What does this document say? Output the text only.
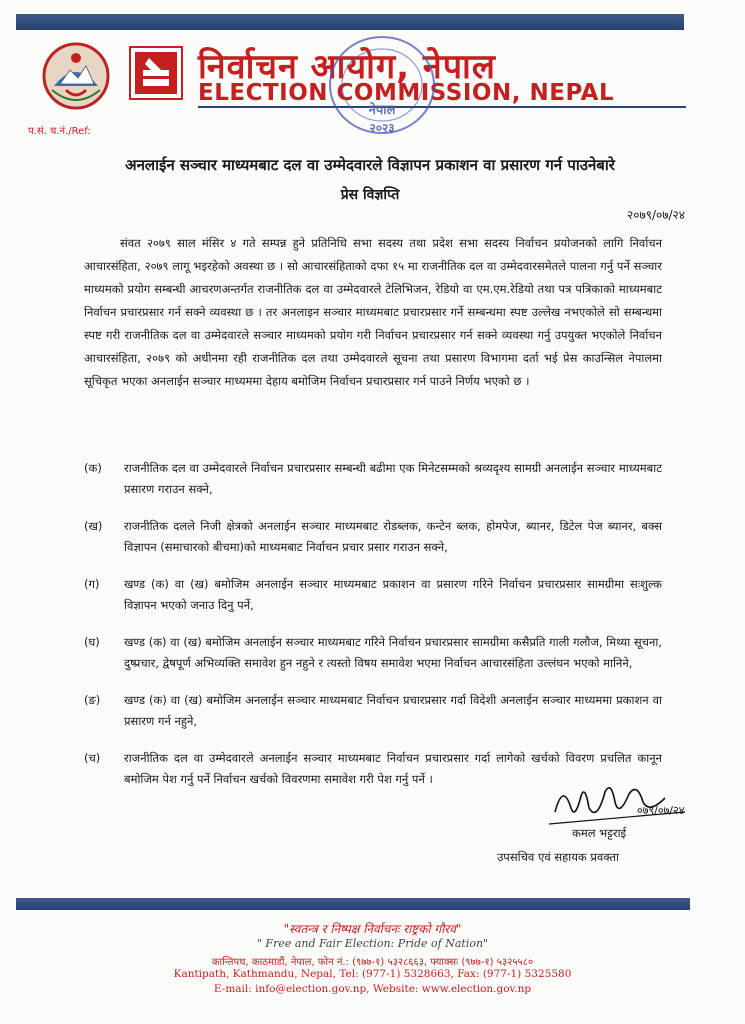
निर्वाचन आयोग, नेपाल
ELECTION COMMISSION, NEPAL
नेपाल
२०२३
प.सं. च.नं./Ref:
अनलाईन सञ्चार माध्यमबाट दल वा उम्मेदवारले विज्ञापन प्रकाशन वा प्रसारण गर्न पाउनेबारे
प्रेस विज्ञप्ति
२०७९/०७/२४
संवत २०७९ साल मंसिर ४ गते सम्पन्न हुने प्रतिनिधि सभा सदस्य तथा प्रदेश सभा सदस्य निर्वाचन प्रयोजनको लागि निर्वाचन आचारसंहिता, २०७९ लागू भइरहेको अवस्था छ । सो आचारसंहिताको दफा १५ मा राजनीतिक दल वा उम्मेदवारसमेतले पालना गर्नु पर्ने सञ्चार माध्यमको प्रयोग सम्बन्धी आचरणअन्तर्गत राजनीतिक दल वा उम्मेदवारले टेलिभिजन, रेडियो वा एम.एम.रेडियो तथा पत्र पत्रिकाको माध्यमबाट निर्वाचन प्रचारप्रसार गर्न सक्ने व्यवस्था छ । तर अनलाइन सञ्चार माध्यमबाट प्रचारप्रसार गर्ने सम्बन्धमा स्पष्ट उल्लेख नभएकोले सो सम्बन्धमा स्पष्ट गरी राजनीतिक दल वा उम्मेदवारले सञ्चार माध्यमको प्रयोग गरी निर्वाचन प्रचारप्रसार गर्न सक्ने व्यवस्था गर्नु उपयुक्त भएकोले निर्वाचन आचारसंहिता, २०७९ को अधीनमा रही राजनीतिक दल तथा उम्मेदवारले सूचना तथा प्रसारण विभागमा दर्ता भई प्रेस काउन्सिल नेपालमा सूचिकृत भएका अनलाईन सञ्चार माध्यममा देहाय बमोजिम निर्वाचन प्रचारप्रसार गर्न पाउने निर्णय भएको छ ।
(क)	राजनीतिक दल वा उम्मेदवारले निर्वाचन प्रचारप्रसार सम्बन्धी बढीमा एक मिनेटसम्मको श्रव्यदृश्य सामग्री अनलाईन सञ्चार माध्यमबाट प्रसारण गराउन सक्ने,
(ख)	राजनीतिक दलले निजी क्षेत्रको अनलाईन सञ्चार माध्यमबाट रोडब्लक, कन्टेन ब्लक, होमपेज, ब्यानर, डिटेल पेज ब्यानर, बक्स विज्ञापन (समाचारको बीचमा)को माध्यमबाट निर्वाचन प्रचार प्रसार गराउन सक्ने,
(ग)	खण्ड (क) वा (ख) बमोजिम अनलाईन सञ्चार माध्यमबाट प्रकाशन वा प्रसारण गरिने निर्वाचन प्रचारप्रसार सामग्रीमा सःशुल्क विज्ञापन भएको जनाउ दिनु पर्ने,
(घ)	खण्ड (क) वा (ख) बमोजिम अनलाईन सञ्चार माध्यमबाट गरिने निर्वाचन प्रचारप्रसार सामग्रीमा कसैप्रति गाली गलौज, मिथ्या सूचना, दुष्प्रचार, द्वेषपूर्ण अभिव्यक्ति समावेश हुन नहुने र त्यस्तो विषय समावेश भएमा निर्वाचन आचारसंहिता उल्लंघन भएको मानिने,
(ङ)	खण्ड (क) वा (ख) बमोजिम अनलाईन सञ्चार माध्यमबाट निर्वाचन प्रचारप्रसार गर्दा विदेशी अनलाईन सञ्चार माध्यममा प्रकाशन वा प्रसारण गर्न नहुने,
(च)	राजनीतिक दल वा उम्मेदवारले अनलाईन सञ्चार माध्यमबाट निर्वाचन प्रचारप्रसार गर्दा लागेको खर्चको विवरण प्रचलित कानून बमोजिम पेश गर्नु पर्ने निर्वाचन खर्चको विवरणमा समावेश गरी पेश गर्नु पर्ने ।
०७९/०७/२४
कमल भट्टराई
उपसचिव एवं सहायक प्रवक्ता
"स्वतन्त्र र निष्पक्ष निर्वाचनः राष्ट्रको गौरव"
" Free and Fair Election: Pride of Nation"
कान्तिपथ, काठमाडौं, नेपाल, फोन नं.: (९७७-१) ५३२८६६३, फ्याक्सः (९७७-१) ५३२५५८०
Kantipath, Kathmandu, Nepal, Tel: (977-1) 5328663, Fax: (977-1) 5325580
E-mail: info@election.gov.np, Website: www.election.gov.np
